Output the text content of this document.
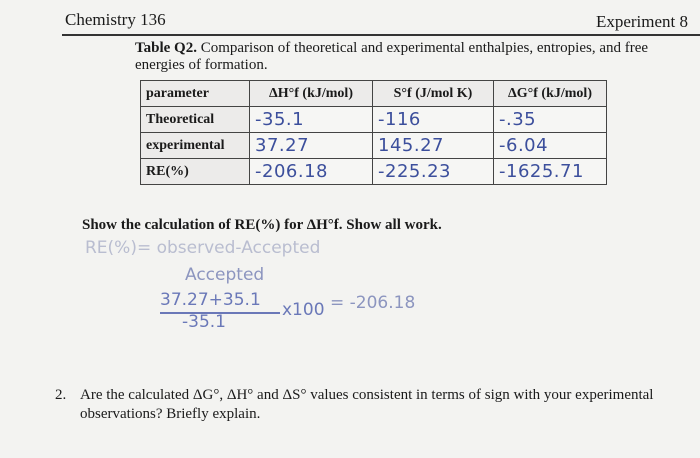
Chemistry 136	Experiment 8
Table Q2. Comparison of theoretical and experimental enthalpies, entropies, and free energies of formation.
parameter	ΔH°f (kJ/mol)	S°f (J/mol K)	ΔG°f (kJ/mol)
Theoretical	-35.1	-116	-.35
experimental	37.27	145.27	-6.04
RE(%)	-206.18	-225.23	-1625.71
Show the calculation of RE(%) for ΔH°f. Show all work.
RE(%)= observed-Accepted
Accepted
37.27+35.1 x100 = -206.18
-35.1
2. Are the calculated ΔG°, ΔH° and ΔS° values consistent in terms of sign with your experimental observations? Briefly explain.
